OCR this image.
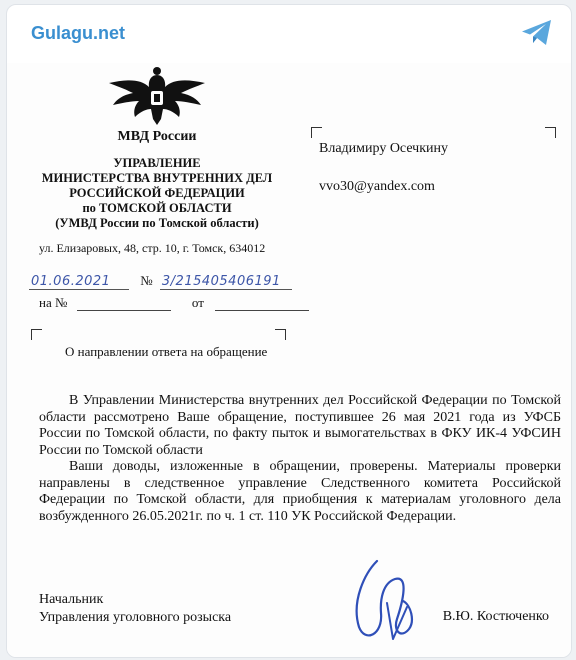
Gulagu.net
МВД России
УПРАВЛЕНИЕ
МИНИСТЕРСТВА ВНУТРЕННИХ ДЕЛ
РОССИЙСКОЙ ФЕДЕРАЦИИ
по ТОМСКОЙ ОБЛАСТИ
(УМВД России по Томской области)
ул. Елизаровых, 48, стр. 10, г. Томск, 634012
01.06.2021 № 3/215405406191
на №	от
О направлении ответа на обращение
Владимиру Осечкину
vvo30@yandex.com

В Управлении Министерства внутренних дел Российской Федерации по Томской области рассмотрено Ваше обращение, поступившее 26 мая 2021 года из УФСБ России по Томской области, по факту пыток и вымогательствах в ФКУ ИК-4 УФСИН России по Томской области

Ваши доводы, изложенные в обращении, проверены. Материалы проверки направлены в следственное управление Следственного комитета Российской Федерации по Томской области, для приобщения к материалам уголовного дела возбужденного 26.05.2021г. по ч. 1 ст. 110 УК Российской Федерации.

Начальник
Управления уголовного розыска	В.Ю. Костюченко
